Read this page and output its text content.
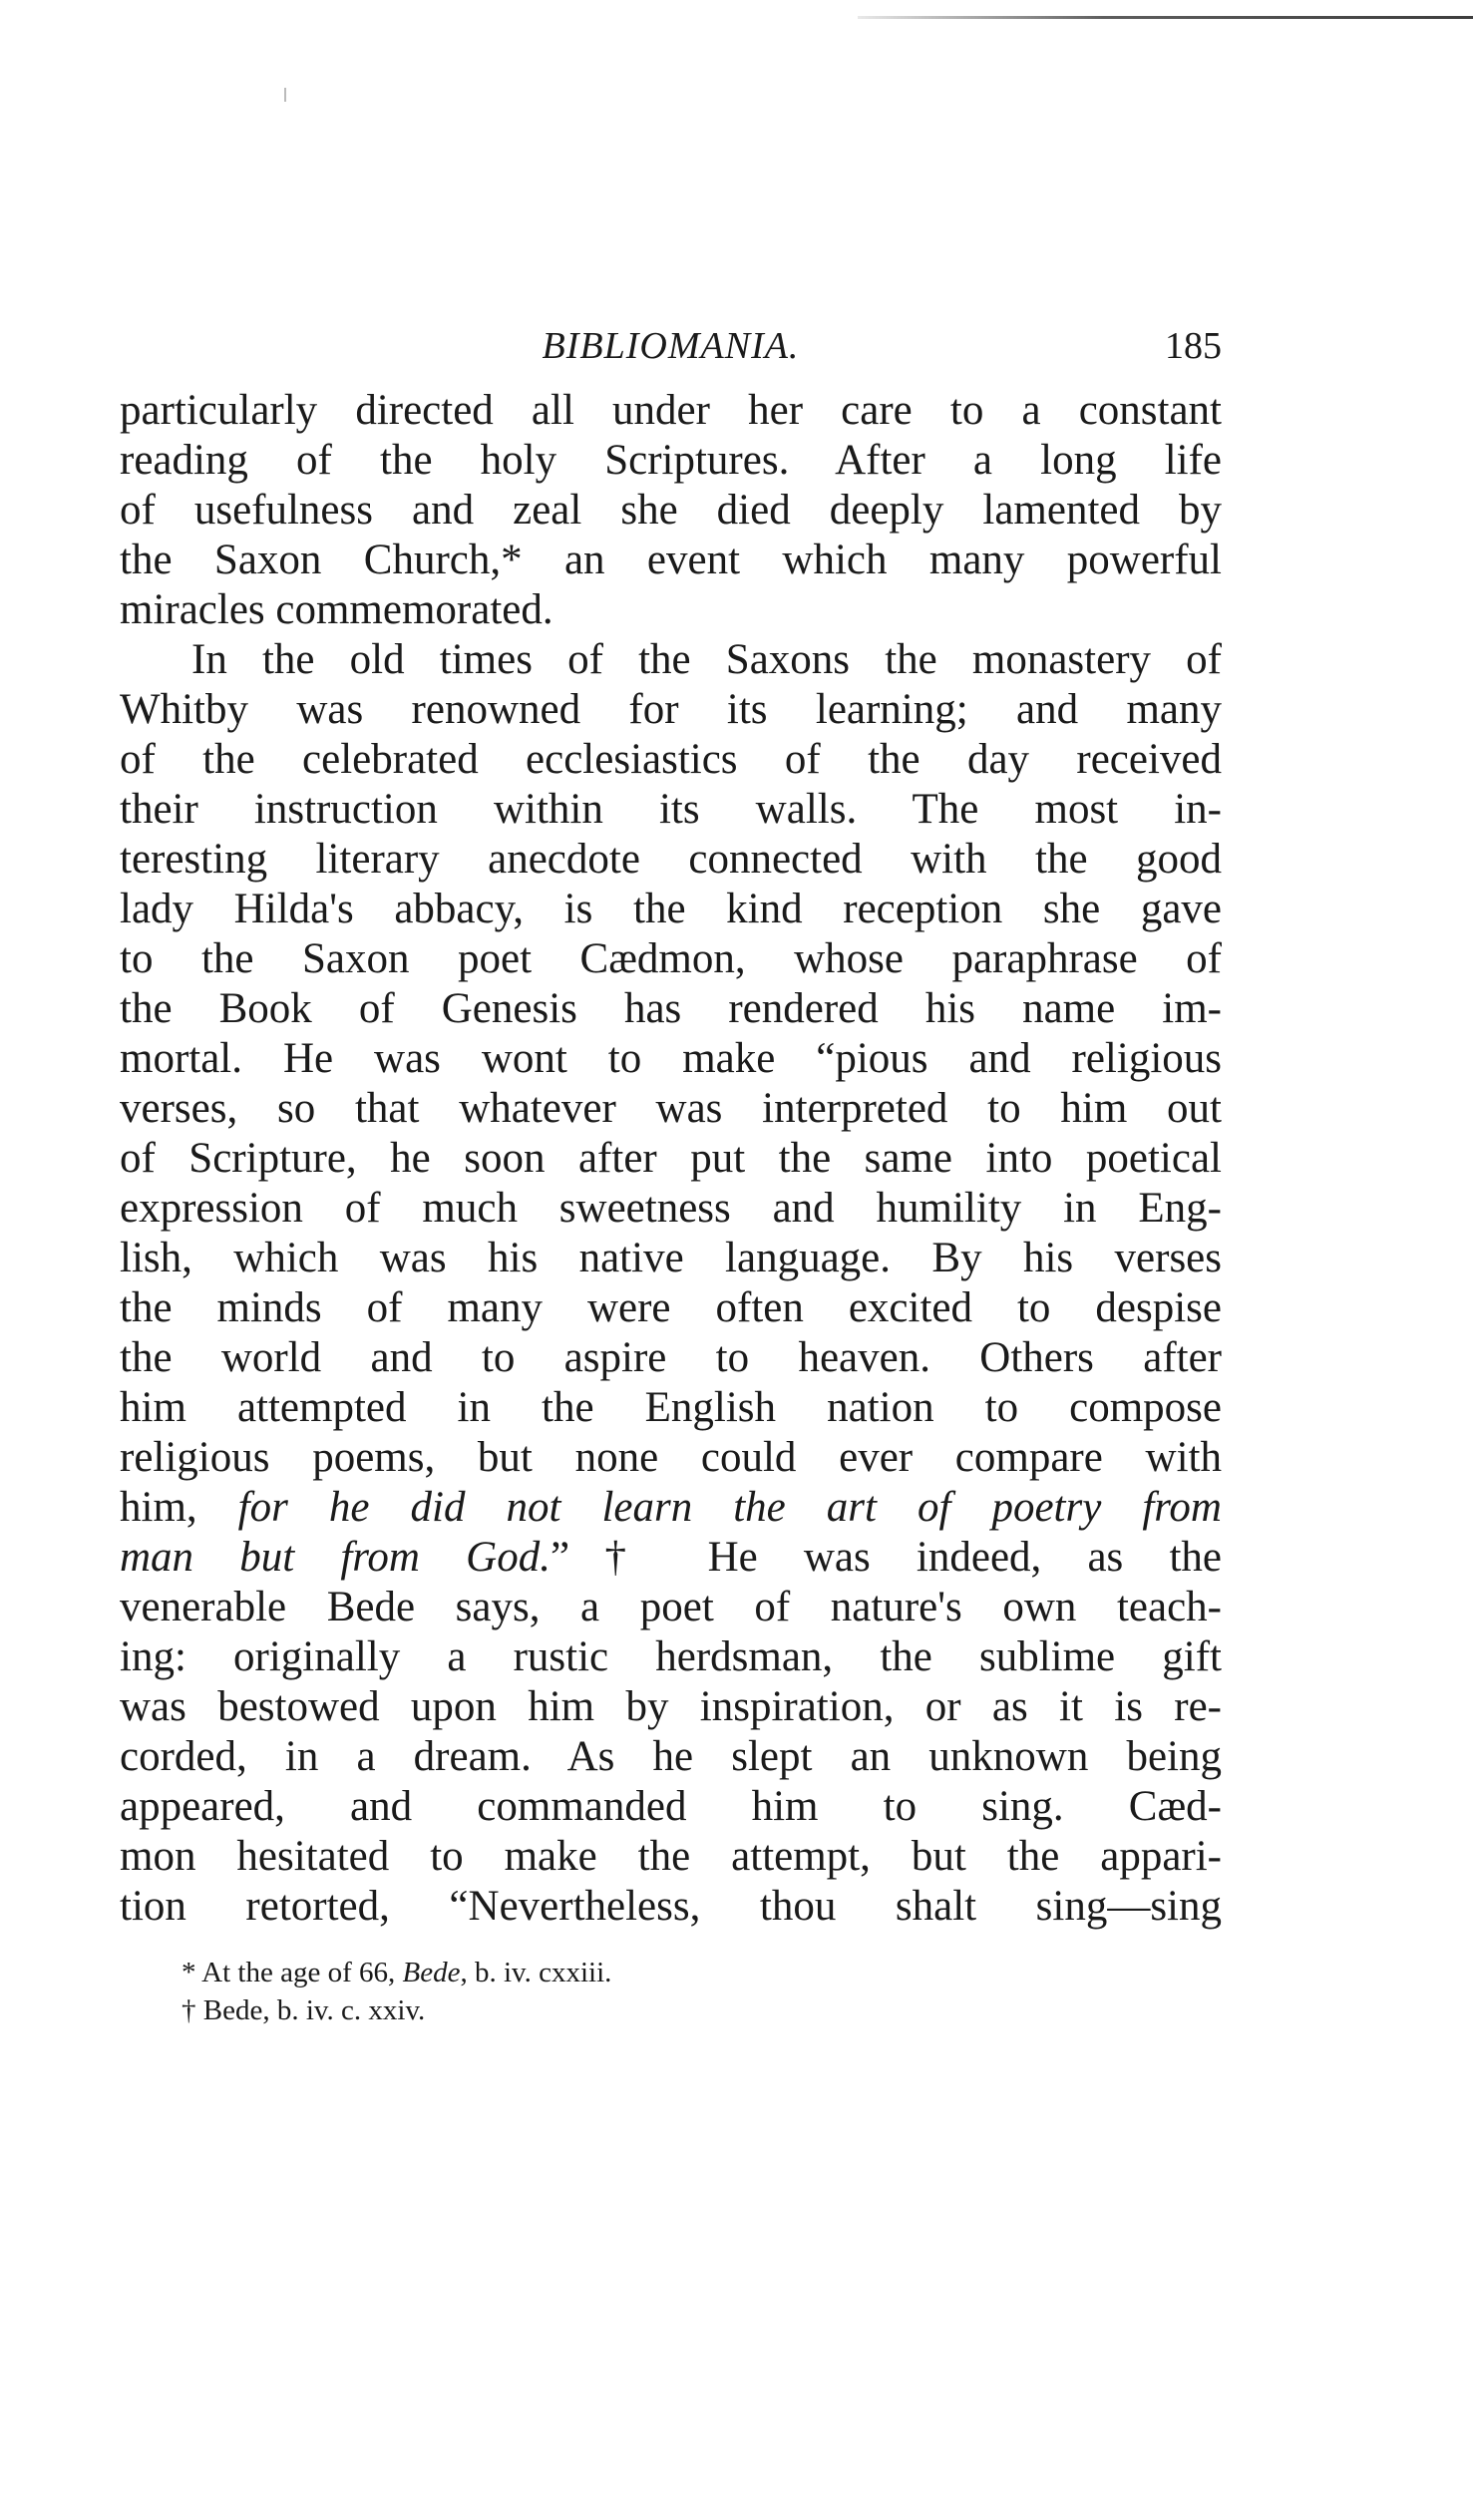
BIBLIOMANIA.	185
particularly directed all under her care to a constant
reading of the holy Scriptures. After a long life
of usefulness and zeal she died deeply lamented by
the Saxon Church,* an event which many powerful
miracles commemorated.
In the old times of the Saxons the monastery of
Whitby was renowned for its learning; and many
of the celebrated ecclesiastics of the day received
their instruction within its walls. The most in-
teresting literary anecdote connected with the good
lady Hilda's abbacy, is the kind reception she gave
to the Saxon poet Cædmon, whose paraphrase of
the Book of Genesis has rendered his name im-
mortal. He was wont to make “pious and religious
verses, so that whatever was interpreted to him out
of Scripture, he soon after put the same into poetical
expression of much sweetness and humility in Eng-
lish, which was his native language. By his verses
the minds of many were often excited to despise
the world and to aspire to heaven. Others after
him attempted in the English nation to compose
religious poems, but none could ever compare with
him, for he did not learn the art of poetry from
man but from God.”† He was indeed, as the
venerable Bede says, a poet of nature's own teach-
ing: originally a rustic herdsman, the sublime gift
was bestowed upon him by inspiration, or as it is re-
corded, in a dream. As he slept an unknown being
appeared, and commanded him to sing. Cæd-
mon hesitated to make the attempt, but the appari-
tion retorted, “Nevertheless, thou shalt sing—sing
* At the age of 66, Bede, b. iv. cxxiii.
† Bede, b. iv. c. xxiv.
